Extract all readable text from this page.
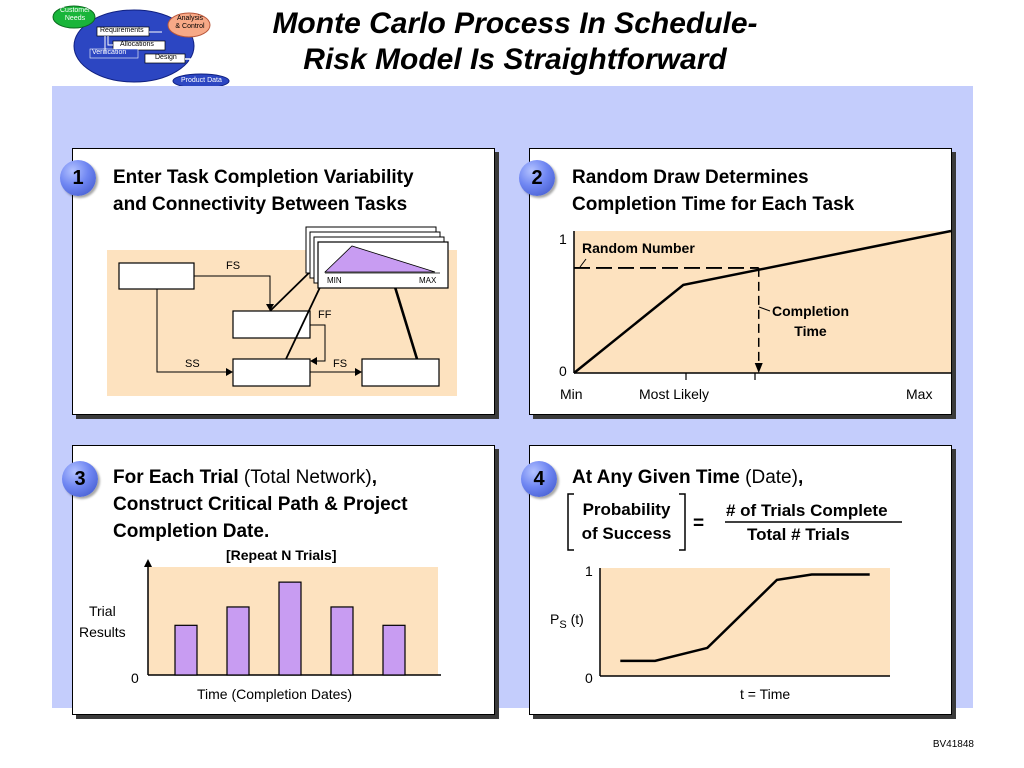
Customer
Needs	Analysis
& Control
Requirements
Allocations
Verification
Design
Product Data
Monte Carlo Process In Schedule-
Risk Model Is Straightforward
1	Enter Task Completion Variability
and Connectivity Between Tasks
FS
FF
SS	FS
MIN	MAX
2	Random Draw Determines
Completion Time for Each Task
1
0
Min	Most Likely	Max
Random Number
Completion
Time
3	For Each Trial (Total Network),
Construct Critical Path & Project
Completion Date.
[Repeat N Trials]
Trial
Results
0
Time (Completion Dates)
4	At Any Given Time (Date),
Probability
of Success	=
# of Trials Complete
Total # Trials
1
0
$P_S$ (t)
t = Time
BV41848
